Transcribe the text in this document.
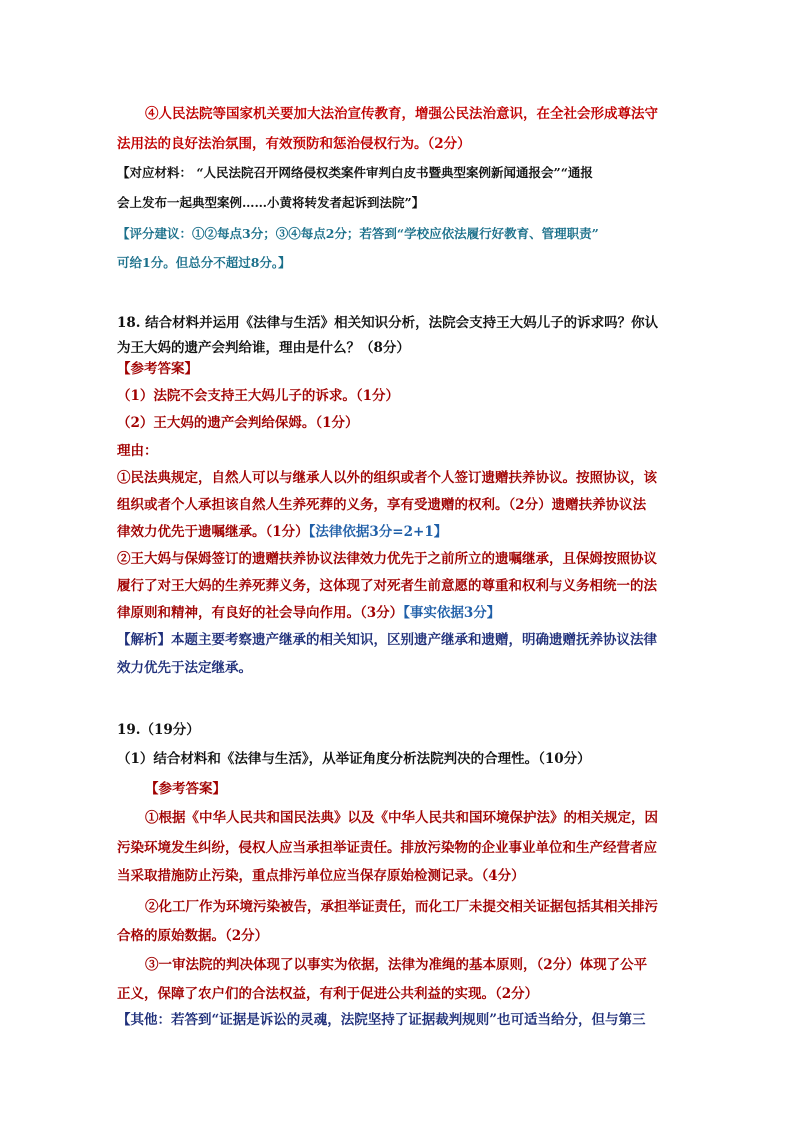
④人民法院等国家机关要加大法治宣传教育，增强公民法治意识，在全社会形成尊法守
法用法的良好法治氛围，有效预防和惩治侵权行为。（2分）
【对应材料： “人民法院召开网络侵权类案件审判白皮书暨典型案例新闻通报会”“通报
会上发布一起典型案例……小黄将转发者起诉到法院”】
【评分建议：①②每点3分；③④每点2分；若答到“学校应依法履行好教育、管理职责”
可给1分。但总分不超过8分。】
18. 结合材料并运用《法律与生活》相关知识分析，法院会支持王大妈儿子的诉求吗？你认
为王大妈的遗产会判给谁，理由是什么？（8分）
【参考答案】
（1）法院不会支持王大妈儿子的诉求。（1分）
（2）王大妈的遗产会判给保姆。（1分）
理由：
①民法典规定，自然人可以与继承人以外的组织或者个人签订遗赠扶养协议。按照协议，该
组织或者个人承担该自然人生养死葬的义务，享有受遗赠的权利。（2分）遗赠扶养协议法
律效力优先于遗嘱继承。（1分）【法律依据3分=2+1】
②王大妈与保姆签订的遗赠扶养协议法律效力优先于之前所立的遗嘱继承，且保姆按照协议
履行了对王大妈的生养死葬义务，这体现了对死者生前意愿的尊重和权利与义务相统一的法
律原则和精神，有良好的社会导向作用。（3分）【事实依据3分】
【解析】本题主要考察遗产继承的相关知识，区别遗产继承和遗赠，明确遗赠抚养协议法律
效力优先于法定继承。
19.（19分）
（1）结合材料和《法律与生活》，从举证角度分析法院判决的合理性。（10分）
【参考答案】
①根据《中华人民共和国民法典》以及《中华人民共和国环境保护法》的相关规定，因
污染环境发生纠纷，侵权人应当承担举证责任。排放污染物的企业事业单位和生产经营者应
当采取措施防止污染，重点排污单位应当保存原始检测记录。（4分）
②化工厂作为环境污染被告，承担举证责任，而化工厂未提交相关证据包括其相关排污
合格的原始数据。（2分）
③一审法院的判决体现了以事实为依据，法律为准绳的基本原则，（2分）体现了公平
正义，保障了农户们的合法权益，有利于促进公共利益的实现。（2分）
【其他：若答到“证据是诉讼的灵魂，法院坚持了证据裁判规则”也可适当给分，但与第三
